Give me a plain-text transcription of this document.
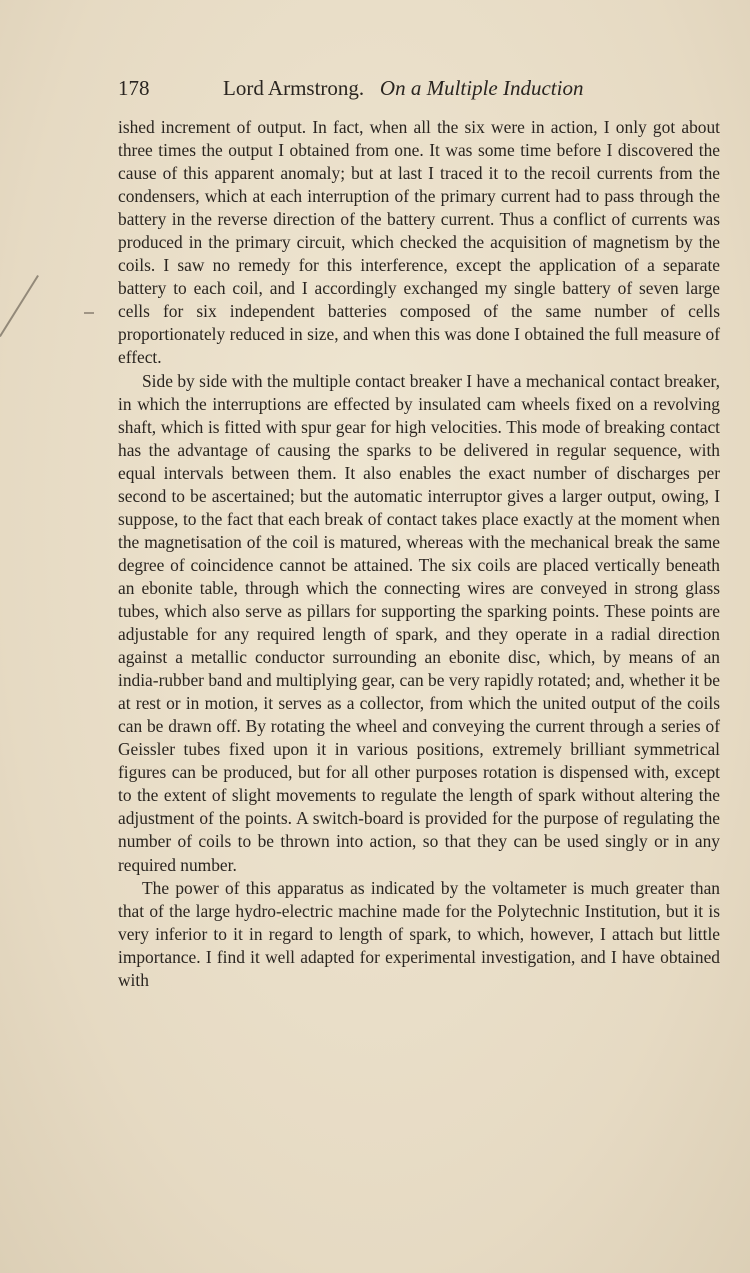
178	Lord Armstrong. On a Multiple Induction

ished increment of output. In fact, when all the six were in action, I only got about three times the output I obtained from one. It was some time before I discovered the cause of this apparent anomaly; but at last I traced it to the recoil currents from the condensers, which at each interruption of the primary current had to pass through the battery in the reverse direction of the battery current. Thus a conflict of currents was produced in the primary circuit, which checked the acquisition of magnetism by the coils. I saw no remedy for this interference, except the application of a separate battery to each coil, and I accordingly exchanged my single battery of seven large cells for six independent batteries composed of the same number of cells proportionately reduced in size, and when this was done I obtained the full measure of effect.

Side by side with the multiple contact breaker I have a mechanical contact breaker, in which the interruptions are effected by insulated cam wheels fixed on a revolving shaft, which is fitted with spur gear for high velocities. This mode of breaking contact has the advantage of causing the sparks to be delivered in regular sequence, with equal intervals between them. It also enables the exact number of discharges per second to be ascertained; but the automatic interruptor gives a larger output, owing, I suppose, to the fact that each break of contact takes place exactly at the moment when the magnetisation of the coil is matured, whereas with the mechanical break the same degree of coincidence cannot be attained. The six coils are placed vertically beneath an ebonite table, through which the connecting wires are conveyed in strong glass tubes, which also serve as pillars for supporting the sparking points. These points are adjustable for any required length of spark, and they operate in a radial direction against a metallic conductor surrounding an ebonite disc, which, by means of an india-rubber band and multiplying gear, can be very rapidly rotated; and, whether it be at rest or in motion, it serves as a collector, from which the united output of the coils can be drawn off. By rotating the wheel and conveying the current through a series of Geissler tubes fixed upon it in various positions, extremely brilliant symmetrical figures can be produced, but for all other purposes rotation is dispensed with, except to the extent of slight movements to regulate the length of spark without altering the adjustment of the points. A switch-board is provided for the purpose of regulating the number of coils to be thrown into action, so that they can be used singly or in any required number.

The power of this apparatus as indicated by the voltameter is much greater than that of the large hydro-electric machine made for the Polytechnic Institution, but it is very inferior to it in regard to length of spark, to which, however, I attach but little importance. I find it well adapted for experimental investigation, and I have obtained with
